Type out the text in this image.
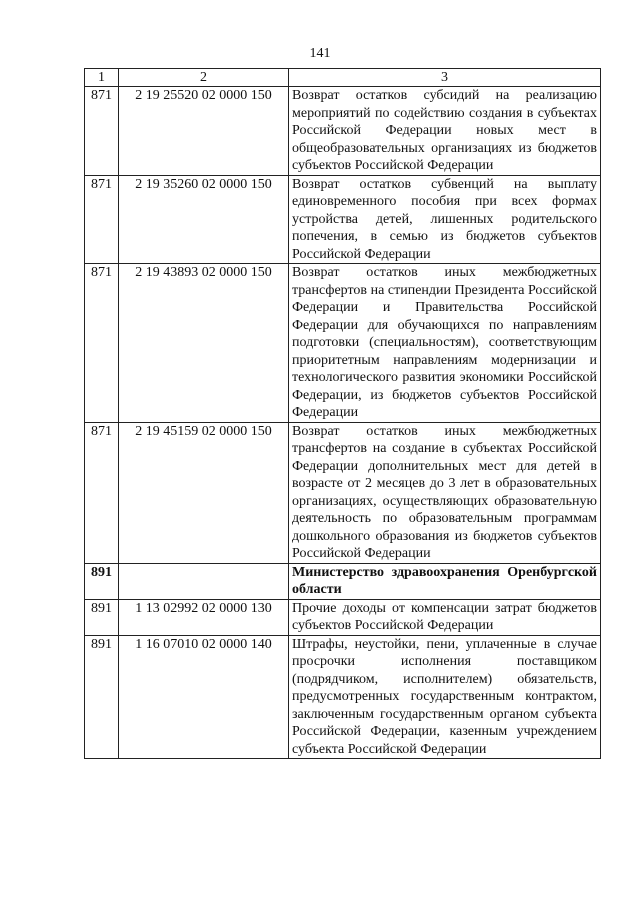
141
1	2	3
871	2 19 25520 02 0000 150	Возврат остатков субсидий на реализацию мероприятий по содействию создания в субъектах Российской Федерации новых мест в общеобразовательных организациях из бюджетов субъектов Российской Федерации
871	2 19 35260 02 0000 150	Возврат остатков субвенций на выплату единовременного пособия при всех формах устройства детей, лишенных родительского попечения, в семью из бюджетов субъектов Российской Федерации
871	2 19 43893 02 0000 150	Возврат остатков иных межбюджетных трансфертов на стипендии Президента Российской Федерации и Правительства Российской Федерации для обучающихся по направлениям подготовки (специальностям), соответствующим приоритетным направлениям модернизации и технологического развития экономики Российской Федерации, из бюджетов субъектов Российской Федерации
871	2 19 45159 02 0000 150	Возврат остатков иных межбюджетных трансфертов на создание в субъектах Российской Федерации дополнительных мест для детей в возрасте от 2 месяцев до 3 лет в образовательных организациях, осуществляющих образовательную деятельность по образовательным программам дошкольного образования из бюджетов субъектов Российской Федерации
891		Министерство здравоохранения Оренбургской области
891	1 13 02992 02 0000 130	Прочие доходы от компенсации затрат бюджетов субъектов Российской Федерации
891	1 16 07010 02 0000 140	Штрафы, неустойки, пени, уплаченные в случае просрочки исполнения поставщиком (подрядчиком, исполнителем) обязательств, предусмотренных государственным контрактом, заключенным государственным органом субъекта Российской Федерации, казенным учреждением субъекта Российской Федерации
